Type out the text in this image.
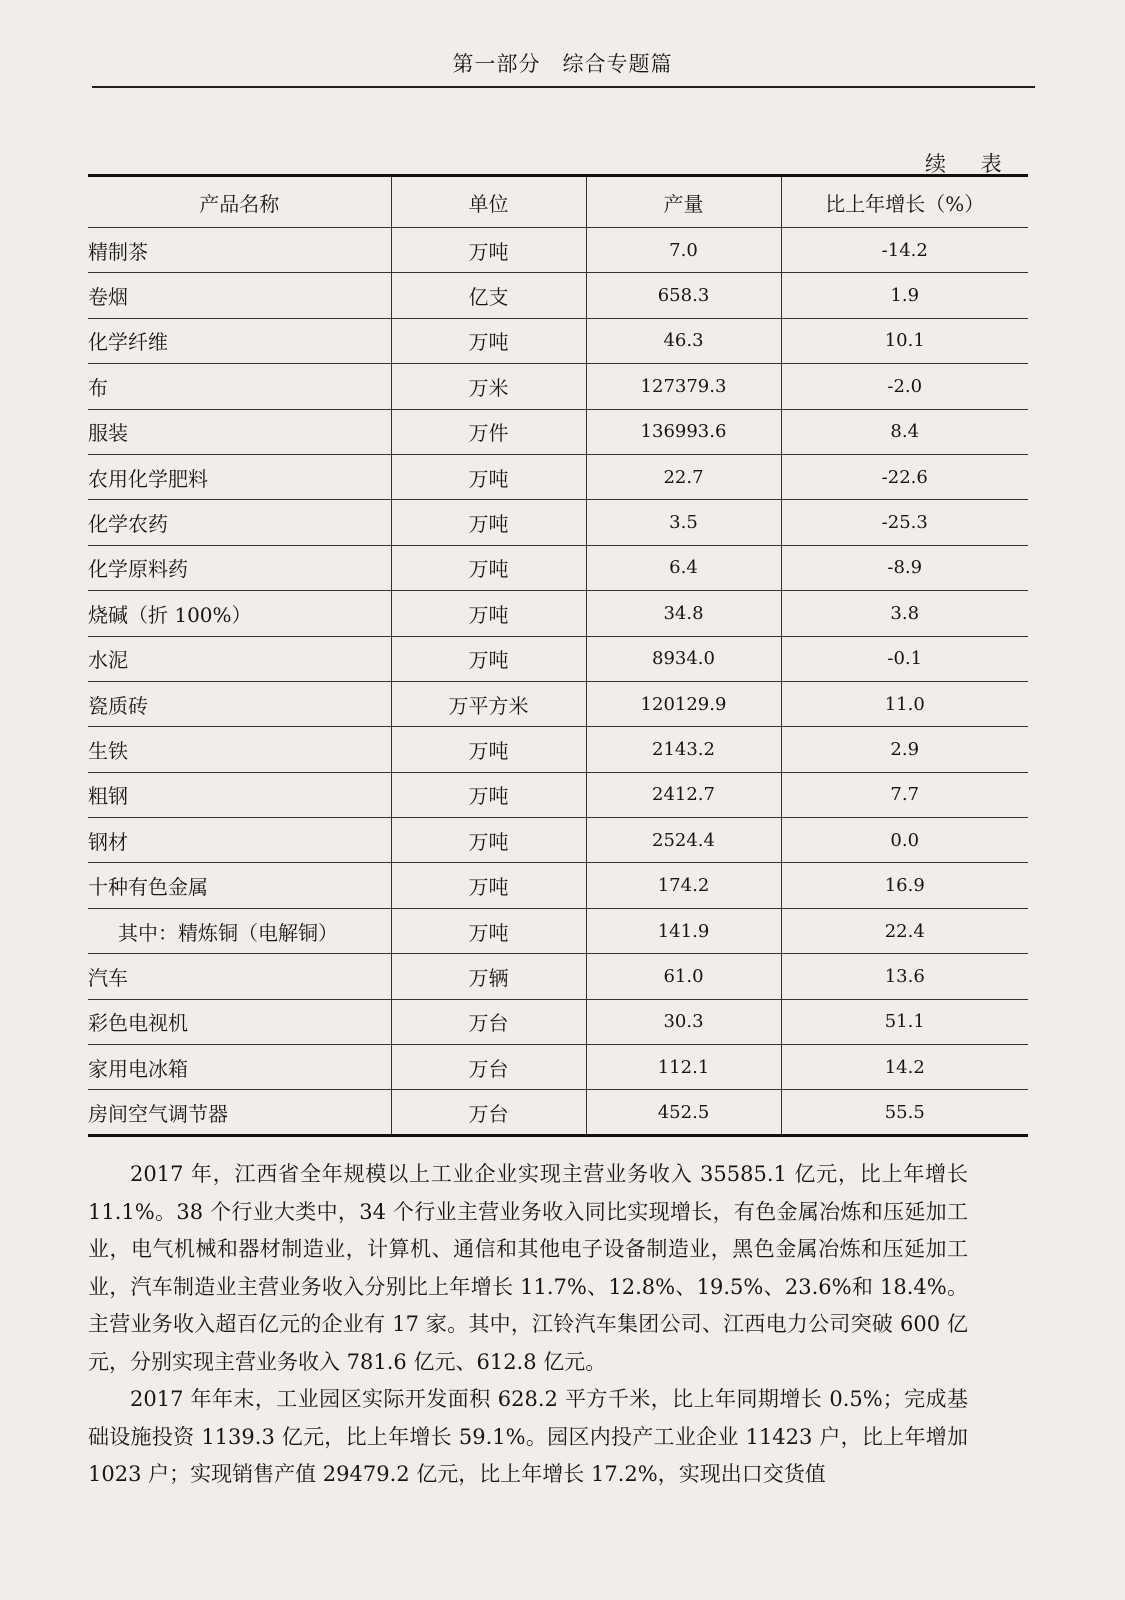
第一部分　综合专题篇
续 表
产品名称	单位	产量	比上年增长（%）
精制茶	万吨	7.0	-14.2
卷烟	亿支	658.3	1.9
化学纤维	万吨	46.3	10.1
布	万米	127379.3	-2.0
服装	万件	136993.6	8.4
农用化学肥料	万吨	22.7	-22.6
化学农药	万吨	3.5	-25.3
化学原料药	万吨	6.4	-8.9
烧碱（折 100%）	万吨	34.8	3.8
水泥	万吨	8934.0	-0.1
瓷质砖	万平方米	120129.9	11.0
生铁	万吨	2143.2	2.9
粗钢	万吨	2412.7	7.7
钢材	万吨	2524.4	0.0
十种有色金属	万吨	174.2	16.9
其中：精炼铜（电解铜）	万吨	141.9	22.4
汽车	万辆	61.0	13.6
彩色电视机	万台	30.3	51.1
家用电冰箱	万台	112.1	14.2
房间空气调节器	万台	452.5	55.5

2017 年，江西省全年规模以上工业企业实现主营业务收入 35585.1 亿元，比上年增长 11.1%。38 个行业大类中，34 个行业主营业务收入同比实现增长，有色金属冶炼和压延加工业，电气机械和器材制造业，计算机、通信和其他电子设备制造业，黑色金属冶炼和压延加工业，汽车制造业主营业务收入分别比上年增长 11.7%、12.8%、19.5%、23.6%和 18.4%。主营业务收入超百亿元的企业有 17 家。其中，江铃汽车集团公司、江西电力公司突破 600 亿元，分别实现主营业务收入 781.6 亿元、612.8 亿元。

2017 年年末，工业园区实际开发面积 628.2 平方千米，比上年同期增长 0.5%；完成基础设施投资 1139.3 亿元，比上年增长 59.1%。园区内投产工业企业 11423 户，比上年增加 1023 户；实现销售产值 29479.2 亿元，比上年增长 17.2%，实现出口交货值
